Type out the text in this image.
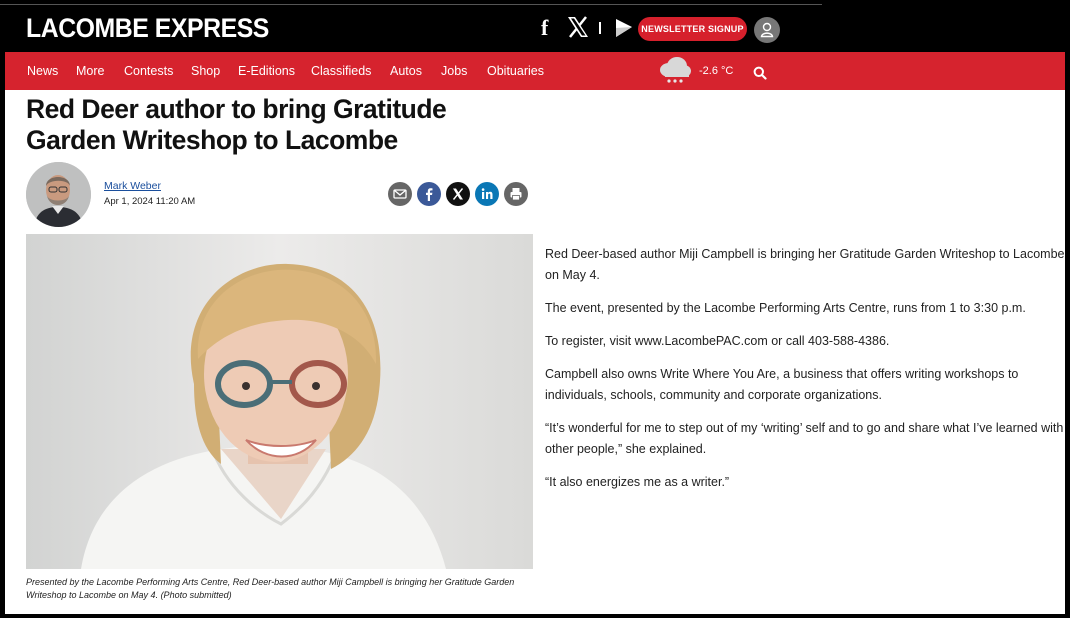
LACOMBE EXPRESS	f	NEWSLETTER SIGNUP
News More Contests Shop E-Editions Classifieds Autos Jobs Obituaries	-2.6 °C
Red Deer author to bring Gratitude Garden Writeshop to Lacombe
Mark Weber
Apr 1, 2024 11:20 AM

Presented by the Lacombe Performing Arts Centre, Red Deer-based author Miji Campbell is bringing her Gratitude Garden Writeshop to Lacombe on May 4. (Photo submitted)

Red Deer-based author Miji Campbell is bringing her Gratitude Garden Writeshop to Lacombe on May 4.

The event, presented by the Lacombe Performing Arts Centre, runs from 1 to 3:30 p.m.

To register, visit www.LacombePAC.com or call 403-588-4386.

Campbell also owns Write Where You Are, a business that offers writing workshops to individuals, schools, community and corporate organizations.

“It’s wonderful for me to step out of my ‘writing’ self and to go and share what I’ve learned with other people,” she explained.

“It also energizes me as a writer.”
